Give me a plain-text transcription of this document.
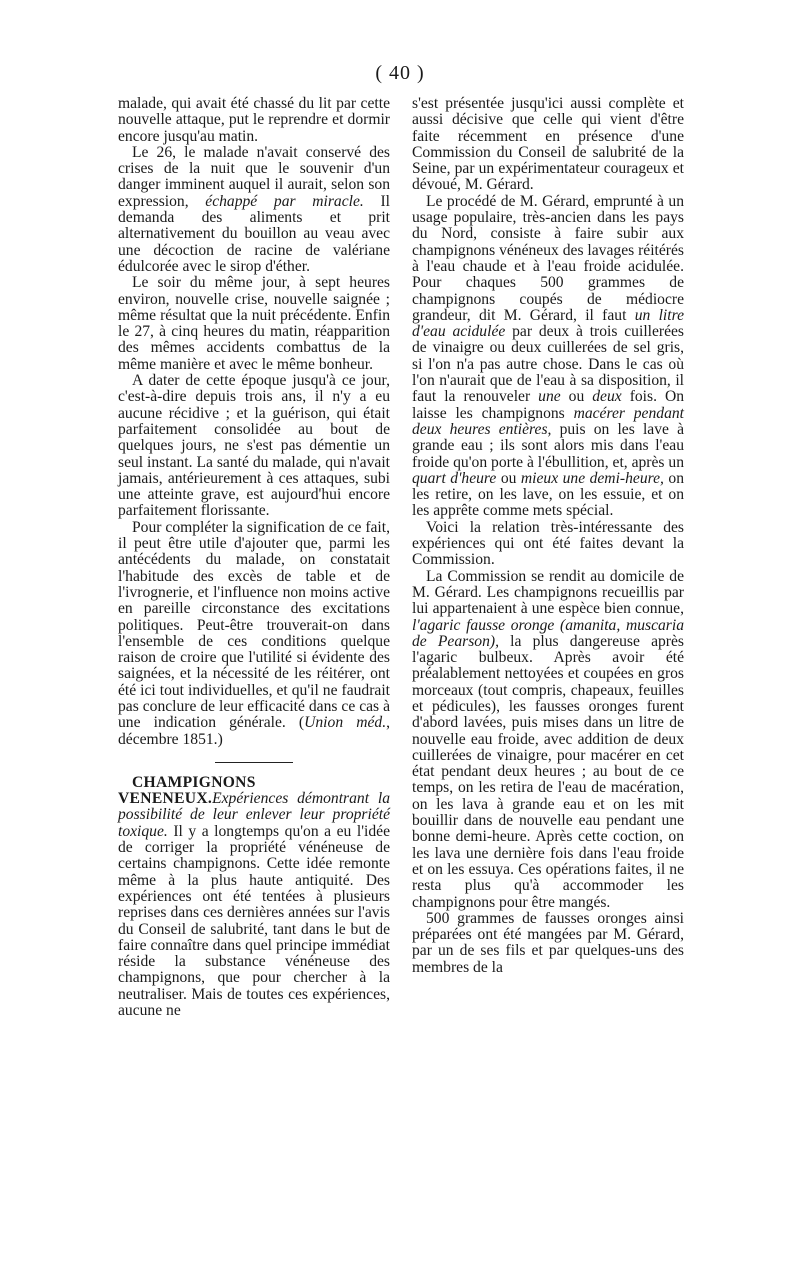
( 40 )

malade, qui avait été chassé du lit par cette nouvelle attaque, put le reprendre et dormir encore jusqu'au matin.

Le 26, le malade n'avait conservé des crises de la nuit que le souvenir d'un danger imminent auquel il aurait, selon son expression, échappé par miracle. Il demanda des aliments et prit alternativement du bouillon au veau avec une décoction de racine de valériane édulcorée avec le sirop d'éther.

Le soir du même jour, à sept heures environ, nouvelle crise, nouvelle saignée ; même résultat que la nuit précédente. Enfin le 27, à cinq heures du matin, réapparition des mêmes accidents combattus de la même manière et avec le même bonheur.

A dater de cette époque jusqu'à ce jour, c'est-à-dire depuis trois ans, il n'y a eu aucune récidive ; et la guérison, qui était parfaitement consolidée au bout de quelques jours, ne s'est pas démentie un seul instant. La santé du malade, qui n'avait jamais, antérieurement à ces attaques, subi une atteinte grave, est aujourd'hui encore parfaitement florissante.

Pour compléter la signification de ce fait, il peut être utile d'ajouter que, parmi les antécédents du malade, on constatait l'habitude des excès de table et de l'ivrognerie, et l'influence non moins active en pareille circonstance des excitations politiques. Peut-être trouverait-on dans l'ensemble de ces conditions quelque raison de croire que l'utilité si évidente des saignées, et la nécessité de les réitérer, ont été ici tout individuelles, et qu'il ne faudrait pas conclure de leur efficacité dans ce cas à une indication générale. (Union méd., décembre 1851.)

CHAMPIGNONS VENENEUX.Expériences démontrant la possibilité de leur enlever leur propriété toxique. Il y a longtemps qu'on a eu l'idée de corriger la propriété vénéneuse de certains champignons. Cette idée remonte même à la plus haute antiquité. Des expériences ont été tentées à plusieurs reprises dans ces dernières années sur l'avis du Conseil de salubrité, tant dans le but de faire connaître dans quel principe immédiat réside la substance vénéneuse des champignons, que pour chercher à la neutraliser. Mais de toutes ces expériences, aucune ne

s'est présentée jusqu'ici aussi complète et aussi décisive que celle qui vient d'être faite récemment en présence d'une Commission du Conseil de salubrité de la Seine, par un expérimentateur courageux et dévoué, M. Gérard.

Le procédé de M. Gérard, emprunté à un usage populaire, très-ancien dans les pays du Nord, consiste à faire subir aux champignons vénéneux des lavages réitérés à l'eau chaude et à l'eau froide acidulée. Pour chaques 500 grammes de champignons coupés de médiocre grandeur, dit M. Gérard, il faut un litre d'eau acidulée par deux à trois cuillerées de vinaigre ou deux cuillerées de sel gris, si l'on n'a pas autre chose. Dans le cas où l'on n'aurait que de l'eau à sa disposition, il faut la renouveler une ou deux fois. On laisse les champignons macérer pendant deux heures entières, puis on les lave à grande eau ; ils sont alors mis dans l'eau froide qu'on porte à l'ébullition, et, après un quart d'heure ou mieux une demi-heure, on les retire, on les lave, on les essuie, et on les apprête comme mets spécial.

Voici la relation très-intéressante des expériences qui ont été faites devant la Commission.

La Commission se rendit au domicile de M. Gérard. Les champignons recueillis par lui appartenaient à une espèce bien connue, l'agaric fausse oronge (amanita, muscaria de Pearson), la plus dangereuse après l'agaric bulbeux. Après avoir été préalablement nettoyées et coupées en gros morceaux (tout compris, chapeaux, feuilles et pédicules), les fausses oronges furent d'abord lavées, puis mises dans un litre de nouvelle eau froide, avec addition de deux cuillerées de vinaigre, pour macérer en cet état pendant deux heures ; au bout de ce temps, on les retira de l'eau de macération, on les lava à grande eau et on les mit bouillir dans de nouvelle eau pendant une bonne demi-heure. Après cette coction, on les lava une dernière fois dans l'eau froide et on les essuya. Ces opérations faites, il ne resta plus qu'à accommoder les champignons pour être mangés.

500 grammes de fausses oronges ainsi préparées ont été mangées par M. Gérard, par un de ses fils et par quelques-uns des membres de la
